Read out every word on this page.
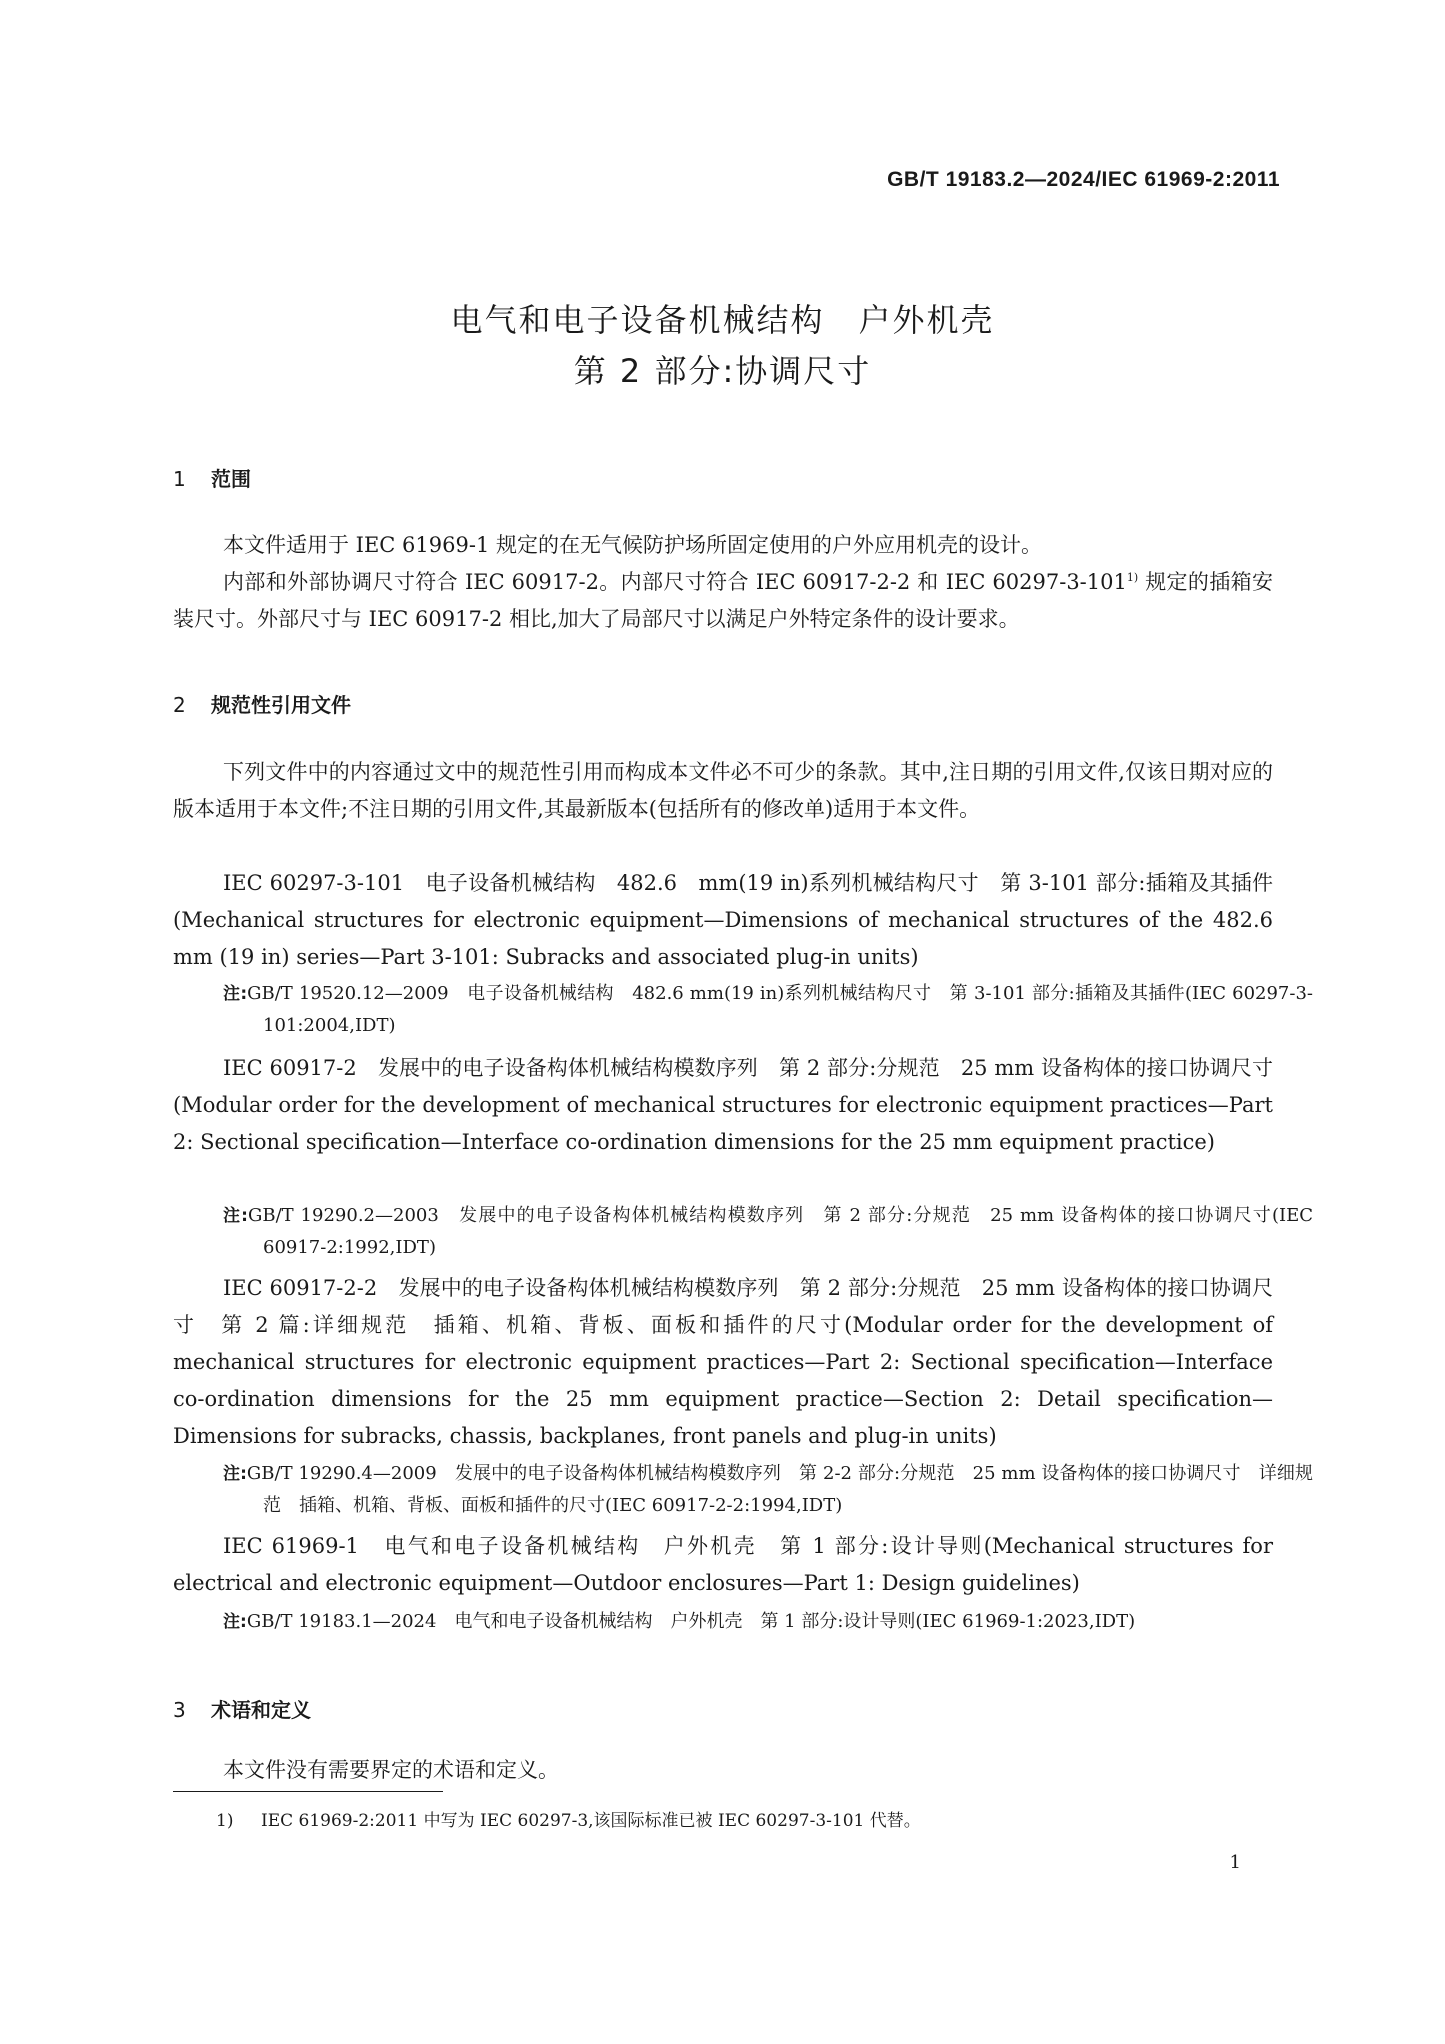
GB/T 19183.2—2024/IEC 61969-2:2011
电气和电子设备机械结构　户外机壳
第 2 部分:协调尺寸
1 范围
本文件适用于 IEC 61969-1 规定的在无气候防护场所固定使用的户外应用机壳的设计。
内部和外部协调尺寸符合 IEC 60917-2。内部尺寸符合 IEC 60917-2-2 和 IEC 60297-3-101$^{1)}$ 规定的插箱安装尺寸。外部尺寸与 IEC 60917-2 相比,加大了局部尺寸以满足户外特定条件的设计要求。
2 规范性引用文件
下列文件中的内容通过文中的规范性引用而构成本文件必不可少的条款。其中,注日期的引用文件,仅该日期对应的版本适用于本文件;不注日期的引用文件,其最新版本(包括所有的修改单)适用于本文件。
IEC 60297-3-101　电子设备机械结构　482.6　mm(19 in)系列机械结构尺寸　第 3-101 部分:插箱及其插件(Mechanical structures for electronic equipment—Dimensions of mechanical structures of the 482.6 mm (19 in) series—Part 3-101: Subracks and associated plug-in units)
注:GB/T 19520.12—2009　电子设备机械结构　482.6 mm(19 in)系列机械结构尺寸　第 3-101 部分:插箱及其插件(IEC 60297-3-101:2004,IDT)
IEC 60917-2　发展中的电子设备构体机械结构模数序列　第 2 部分:分规范　25 mm 设备构体的接口协调尺寸(Modular order for the development of mechanical structures for electronic equipment practices—Part 2: Sectional specification—Interface co-ordination dimensions for the 25 mm equipment practice)
注:GB/T 19290.2—2003　发展中的电子设备构体机械结构模数序列　第 2 部分:分规范　25 mm 设备构体的接口协调尺寸(IEC 60917-2:1992,IDT)
IEC 60917-2-2　发展中的电子设备构体机械结构模数序列　第 2 部分:分规范　25 mm 设备构体的接口协调尺寸　第 2 篇:详细规范　插箱、机箱、背板、面板和插件的尺寸(Modular order for the development of mechanical structures for electronic equipment practices—Part 2: Sectional specification—Interface co-ordination dimensions for the 25 mm equipment practice—Section 2: Detail specification—Dimensions for subracks, chassis, backplanes, front panels and plug-in units)
注:GB/T 19290.4—2009　发展中的电子设备构体机械结构模数序列　第 2-2 部分:分规范　25 mm 设备构体的接口协调尺寸　详细规范　插箱、机箱、背板、面板和插件的尺寸(IEC 60917-2-2:1994,IDT)
IEC 61969-1　电气和电子设备机械结构　户外机壳　第 1 部分:设计导则(Mechanical structures for electrical and electronic equipment—Outdoor enclosures—Part 1: Design guidelines)
注:GB/T 19183.1—2024　电气和电子设备机械结构　户外机壳　第 1 部分:设计导则(IEC 61969-1:2023,IDT)
3 术语和定义
本文件没有需要界定的术语和定义。
1) IEC 61969-2:2011 中写为 IEC 60297-3,该国际标准已被 IEC 60297-3-101 代替。
1
